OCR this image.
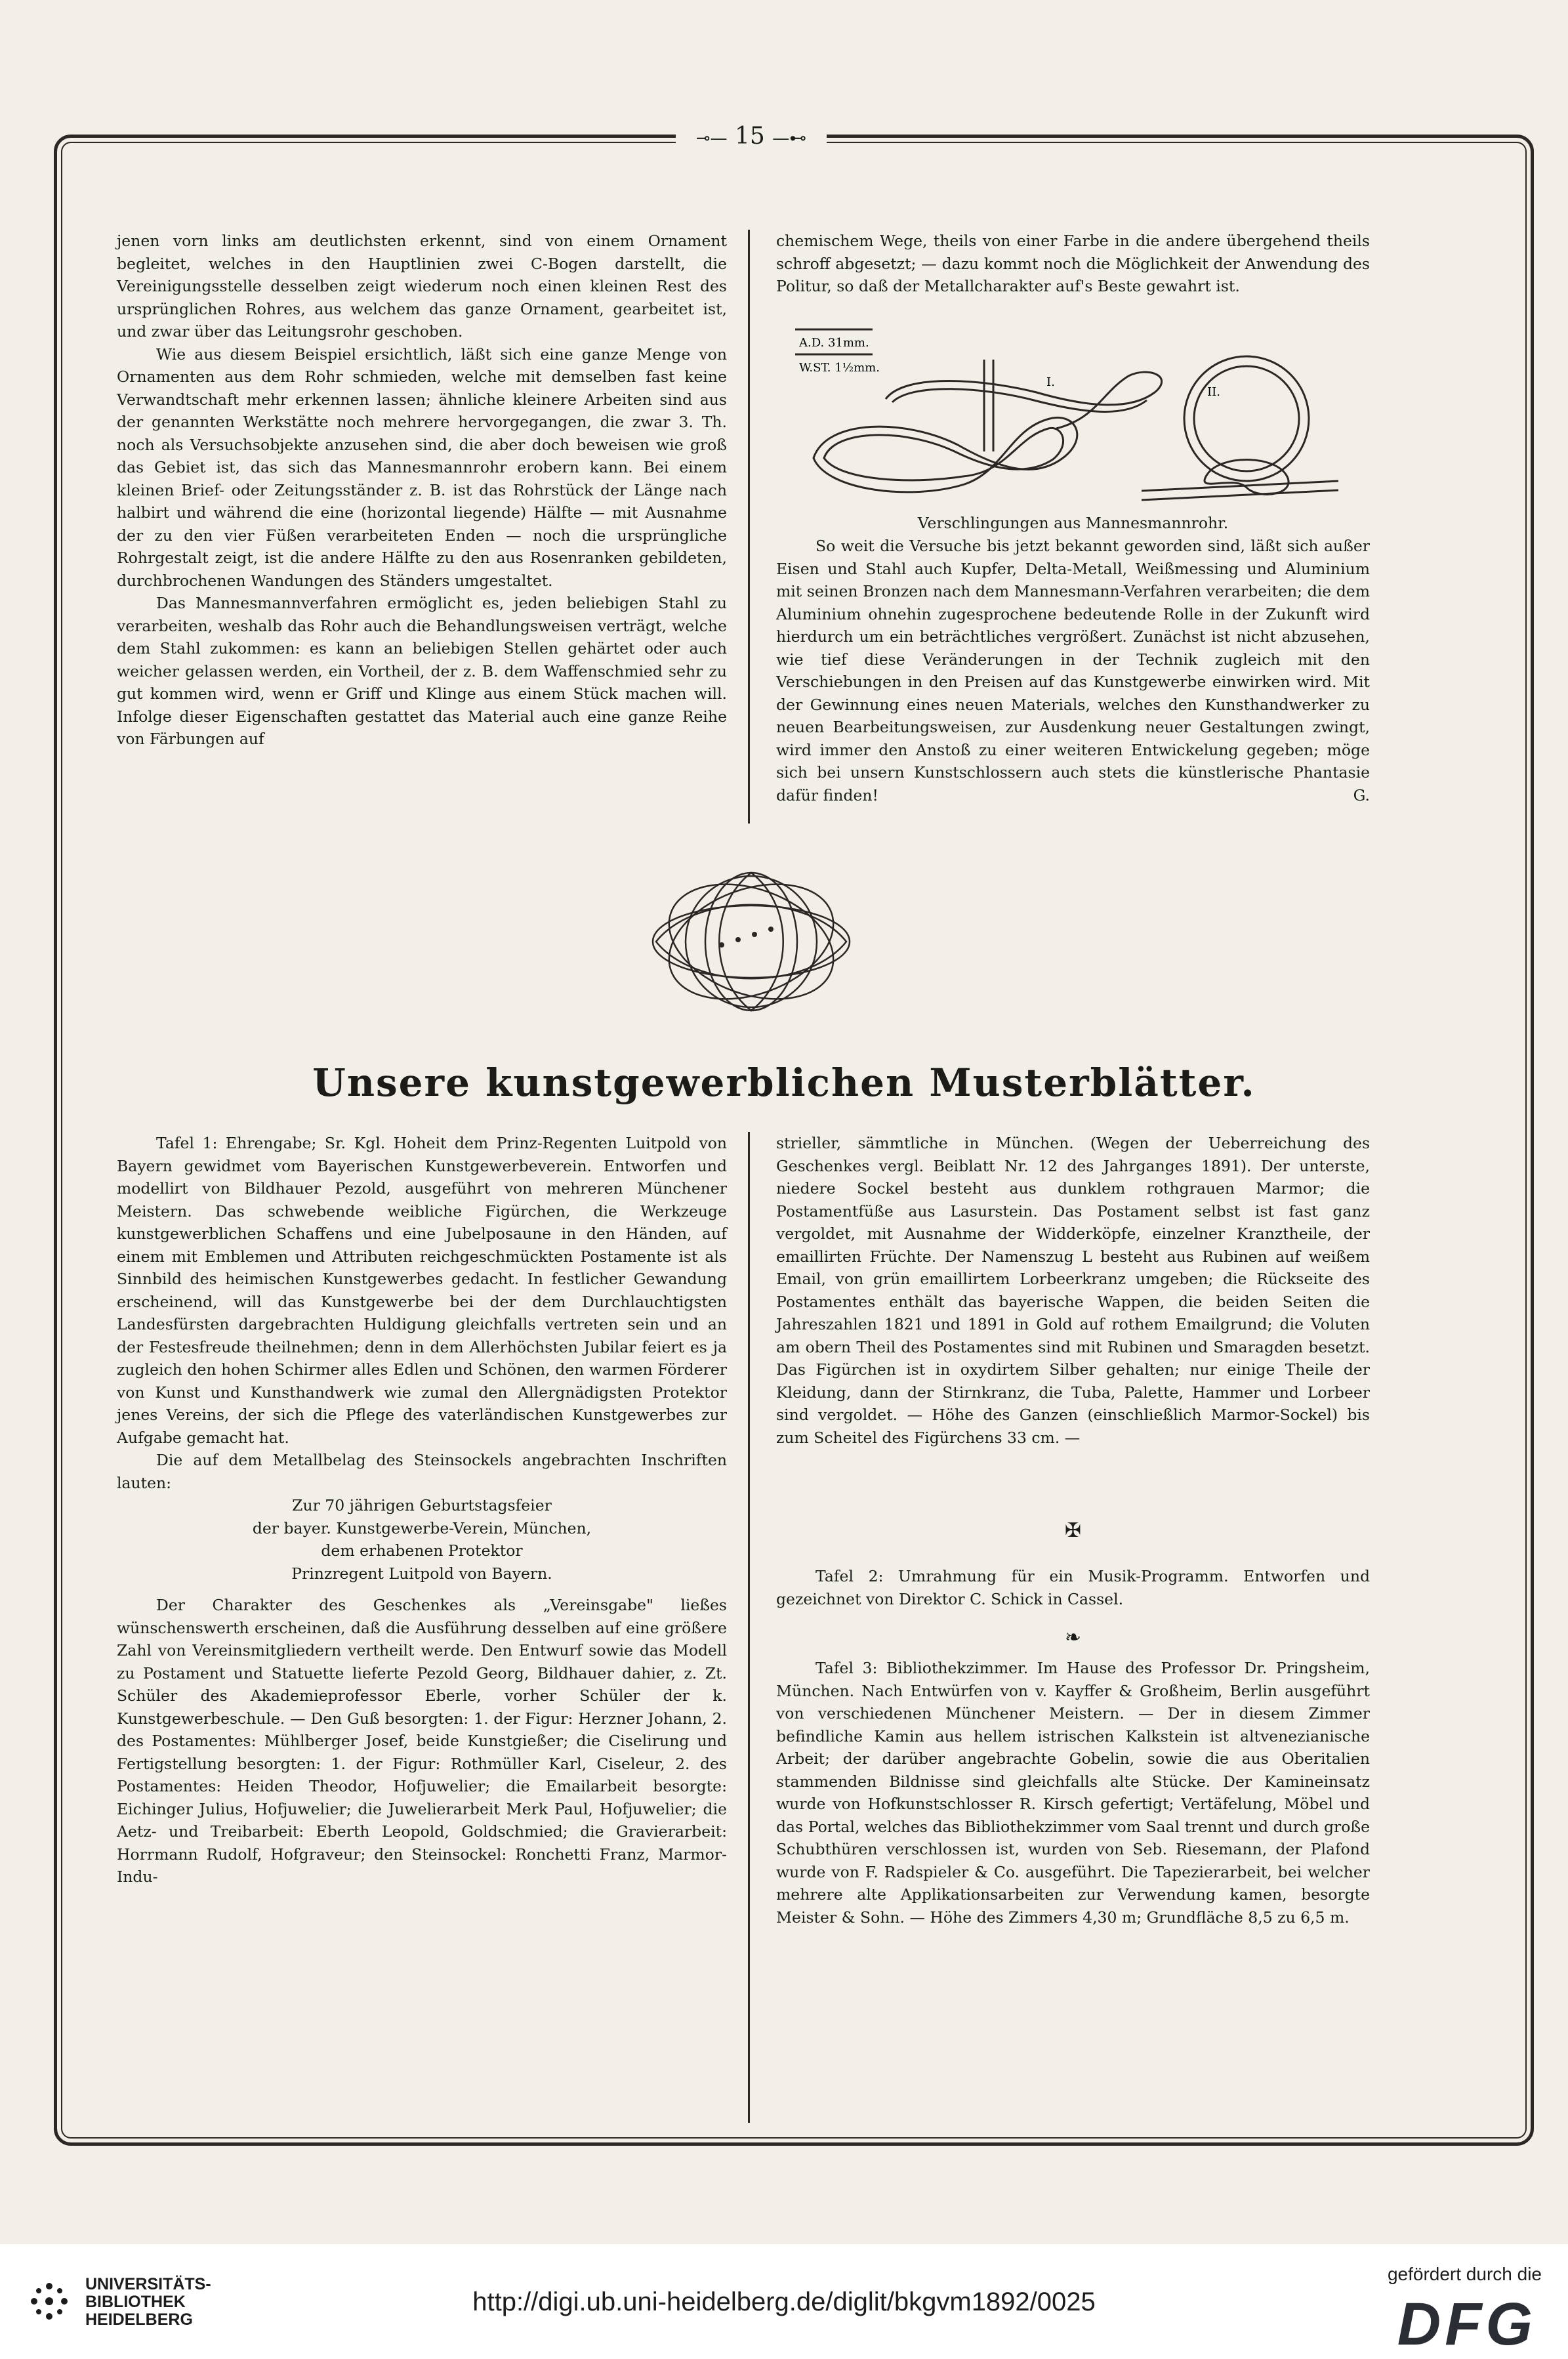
⊸— 15 —⊷

jenen vorn links am deutlichsten erkennt, sind von einem Ornament begleitet, welches in den Hauptlinien zwei C-Bogen darstellt, die Vereinigungsstelle desselben zeigt wiederum noch einen kleinen Rest des ursprünglichen Rohres, aus welchem das ganze Ornament, gearbeitet ist, und zwar über das Leitungsrohr geschoben.

Wie aus diesem Beispiel ersichtlich, läßt sich eine ganze Menge von Ornamenten aus dem Rohr schmieden, welche mit demselben fast keine Verwandtschaft mehr erkennen lassen; ähnliche kleinere Arbeiten sind aus der genannten Werkstätte noch mehrere hervorgegangen, die zwar 3. Th. noch als Versuchsobjekte anzusehen sind, die aber doch beweisen wie groß das Gebiet ist, das sich das Mannesmannrohr erobern kann. Bei einem kleinen Brief- oder Zeitungsständer z. B. ist das Rohrstück der Länge nach halbirt und während die eine (horizontal liegende) Hälfte — mit Ausnahme der zu den vier Füßen verarbeiteten Enden — noch die ursprüngliche Rohrgestalt zeigt, ist die andere Hälfte zu den aus Rosenranken gebildeten, durchbrochenen Wandungen des Ständers umgestaltet.

Das Mannesmannverfahren ermöglicht es, jeden beliebigen Stahl zu verarbeiten, weshalb das Rohr auch die Behandlungsweisen verträgt, welche dem Stahl zukommen: es kann an beliebigen Stellen gehärtet oder auch weicher gelassen werden, ein Vortheil, der z. B. dem Waffenschmied sehr zu gut kommen wird, wenn er Griff und Klinge aus einem Stück machen will. Infolge dieser Eigenschaften gestattet das Material auch eine ganze Reihe von Färbungen auf

chemischem Wege, theils von einer Farbe in die andere übergehend theils schroff abgesetzt; — dazu kommt noch die Möglichkeit der Anwendung des Politur, so daß der Metallcharakter auf's Beste gewahrt ist.

A.D. 31mm.
W.ST. 1½mm.
I.
II.
Verschlingungen aus Mannesmannrohr.

So weit die Versuche bis jetzt bekannt geworden sind, läßt sich außer Eisen und Stahl auch Kupfer, Delta-Metall, Weißmessing und Aluminium mit seinen Bronzen nach dem Mannesmann-Verfahren verarbeiten; die dem Aluminium ohnehin zugesprochene bedeutende Rolle in der Zukunft wird hierdurch um ein beträchtliches vergrößert. Zunächst ist nicht abzusehen, wie tief diese Veränderungen in der Technik zugleich mit den Verschiebungen in den Preisen auf das Kunstgewerbe einwirken wird. Mit der Gewinnung eines neuen Materials, welches den Kunsthandwerker zu neuen Bearbeitungsweisen, zur Ausdenkung neuer Gestaltungen zwingt, wird immer den Anstoß zu einer weiteren Entwickelung gegeben; möge sich bei unsern Kunstschlossern auch stets die künstlerische Phantasie dafür finden!	G.

Unsere kunstgewerblichen Musterblätter.

Tafel 1: Ehrengabe; Sr. Kgl. Hoheit dem Prinz-Regenten Luitpold von Bayern gewidmet vom Bayerischen Kunstgewerbeverein. Entworfen und modellirt von Bildhauer Pezold, ausgeführt von mehreren Münchener Meistern. Das schwebende weibliche Figürchen, die Werkzeuge kunstgewerblichen Schaffens und eine Jubelposaune in den Händen, auf einem mit Emblemen und Attributen reichgeschmückten Postamente ist als Sinnbild des heimischen Kunstgewerbes gedacht. In festlicher Gewandung erscheinend, will das Kunstgewerbe bei der dem Durchlauchtigsten Landesfürsten dargebrachten Huldigung gleichfalls vertreten sein und an der Festesfreude theilnehmen; denn in dem Allerhöchsten Jubilar feiert es ja zugleich den hohen Schirmer alles Edlen und Schönen, den warmen Förderer von Kunst und Kunsthandwerk wie zumal den Allergnädigsten Protektor jenes Vereins, der sich die Pflege des vaterländischen Kunstgewerbes zur Aufgabe gemacht hat.

Die auf dem Metallbelag des Steinsockels angebrachten Inschriften lauten:

Zur 70 jährigen Geburtstagsfeier

der bayer. Kunstgewerbe-Verein, München,

dem erhabenen Protektor

Prinzregent Luitpold von Bayern.

Der Charakter des Geschenkes als „Vereinsgabe" ließes wünschenswerth erscheinen, daß die Ausführung desselben auf eine größere Zahl von Vereinsmitgliedern vertheilt werde. Den Entwurf sowie das Modell zu Postament und Statuette lieferte Pezold Georg, Bildhauer dahier, z. Zt. Schüler des Akademieprofessor Eberle, vorher Schüler der k. Kunstgewerbeschule. — Den Guß besorgten: 1. der Figur: Herzner Johann, 2. des Postamentes: Mühlberger Josef, beide Kunstgießer; die Ciselirung und Fertigstellung besorgten: 1. der Figur: Rothmüller Karl, Ciseleur, 2. des Postamentes: Heiden Theodor, Hofjuwelier; die Emailarbeit besorgte: Eichinger Julius, Hofjuwelier; die Juwelierarbeit Merk Paul, Hofjuwelier; die Aetz- und Treibarbeit: Eberth Leopold, Goldschmied; die Gravierarbeit: Horrmann Rudolf, Hofgraveur; den Steinsockel: Ronchetti Franz, Marmor-Indu-

strieller, sämmtliche in München. (Wegen der Ueberreichung des Geschenkes vergl. Beiblatt Nr. 12 des Jahrganges 1891). Der unterste, niedere Sockel besteht aus dunklem rothgrauen Marmor; die Postamentfüße aus Lasurstein. Das Postament selbst ist fast ganz vergoldet, mit Ausnahme der Widderköpfe, einzelner Kranztheile, der emaillirten Früchte. Der Namenszug L besteht aus Rubinen auf weißem Email, von grün emaillirtem Lorbeerkranz umgeben; die Rückseite des Postamentes enthält das bayerische Wappen, die beiden Seiten die Jahreszahlen 1821 und 1891 in Gold auf rothem Emailgrund; die Voluten am obern Theil des Postamentes sind mit Rubinen und Smaragden besetzt. Das Figürchen ist in oxydirtem Silber gehalten; nur einige Theile der Kleidung, dann der Stirnkranz, die Tuba, Palette, Hammer und Lorbeer sind vergoldet. — Höhe des Ganzen (einschließlich Marmor-Sockel) bis zum Scheitel des Figürchens 33 cm. —

✠

Tafel 2: Umrahmung für ein Musik-Programm. Entworfen und gezeichnet von Direktor C. Schick in Cassel.

❧

Tafel 3: Bibliothekzimmer. Im Hause des Professor Dr. Pringsheim, München. Nach Entwürfen von v. Kayffer & Großheim, Berlin ausgeführt von verschiedenen Münchener Meistern. — Der in diesem Zimmer befindliche Kamin aus hellem istrischen Kalkstein ist altvenezianische Arbeit; der darüber angebrachte Gobelin, sowie die aus Oberitalien stammenden Bildnisse sind gleichfalls alte Stücke. Der Kamineinsatz wurde von Hofkunstschlosser R. Kirsch gefertigt; Vertäfelung, Möbel und das Portal, welches das Bibliothekzimmer vom Saal trennt und durch große Schubthüren verschlossen ist, wurden von Seb. Riesemann, der Plafond wurde von F. Radspieler & Co. ausgeführt. Die Tapezierarbeit, bei welcher mehrere alte Applikationsarbeiten zur Verwendung kamen, besorgte Meister & Sohn. — Höhe des Zimmers 4,30 m; Grundfläche 8,5 zu 6,5 m.

UNIVERSITÄTS-
BIBLIOTHEK
HEIDELBERG
http://digi.ub.uni-heidelberg.de/diglit/bkgvm1892/0025
gefördert durch die
DFG
